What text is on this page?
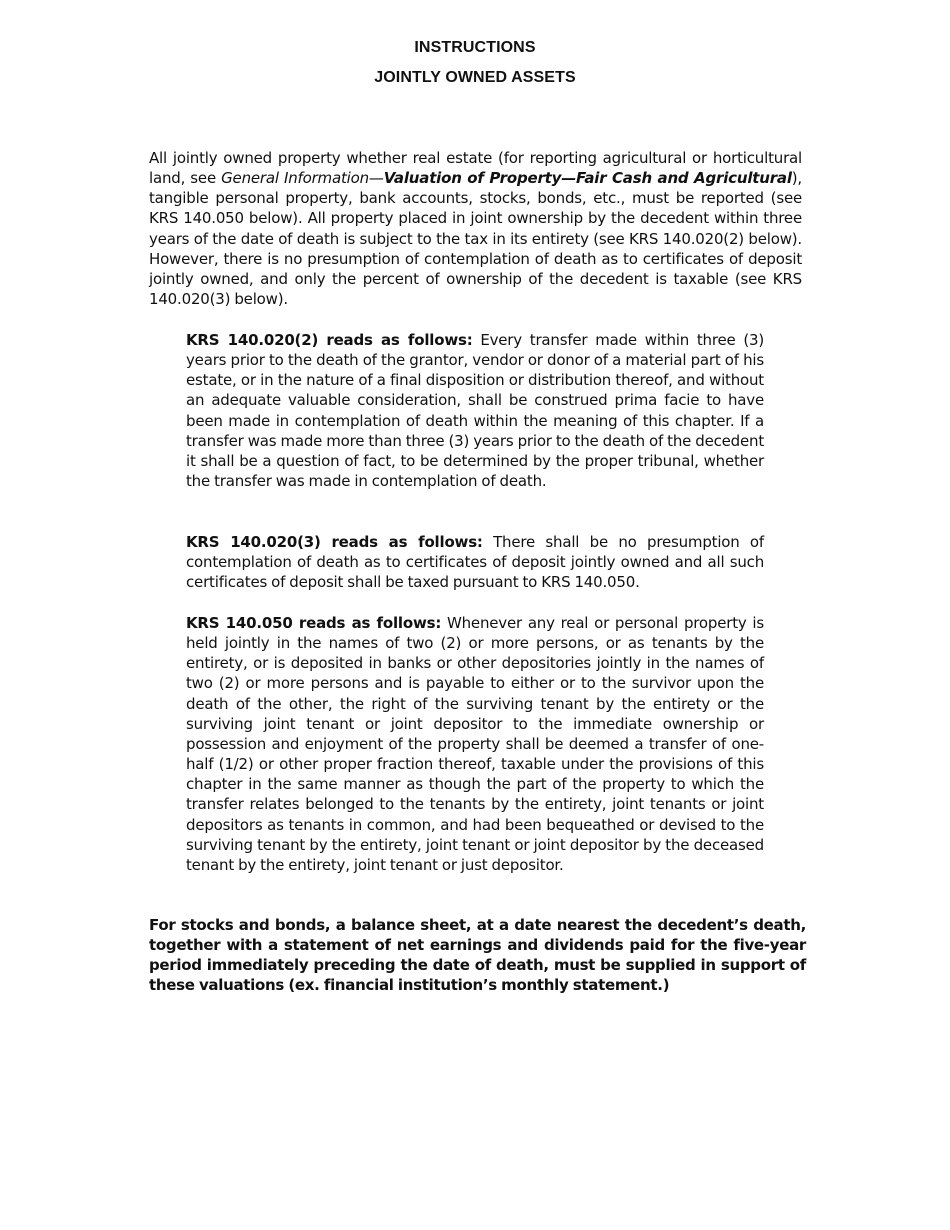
INSTRUCTIONS
JOINTLY OWNED ASSETS

All jointly owned property whether real estate (for reporting agricultural or horticultural land, see General Information—Valuation of Property—Fair Cash and Agricultural), tangible personal property, bank accounts, stocks, bonds, etc., must be reported (see KRS 140.050 below). All property placed in joint ownership by the decedent within three years of the date of death is subject to the tax in its entirety (see KRS 140.020(2) below). However, there is no presumption of contemplation of death as to certificates of deposit jointly owned, and only the percent of ownership of the decedent is taxable (see KRS 140.020(3) below).

KRS 140.020(2) reads as follows: Every transfer made within three (3) years prior to the death of the grantor, vendor or donor of a material part of his estate, or in the nature of a final disposition or distribution thereof, and without an adequate valuable consideration, shall be construed prima facie to have been made in contemplation of death within the meaning of this chapter. If a transfer was made more than three (3) years prior to the death of the decedent it shall be a question of fact, to be determined by the proper tribunal, whether the transfer was made in contemplation of death.

KRS 140.020(3) reads as follows: There shall be no presumption of contemplation of death as to certificates of deposit jointly owned and all such certificates of deposit shall be taxed pursuant to KRS 140.050.

KRS 140.050 reads as follows: Whenever any real or personal property is held jointly in the names of two (2) or more persons, or as tenants by the entirety, or is deposited in banks or other depositories jointly in the names of two (2) or more persons and is payable to either or to the survivor upon the death of the other, the right of the surviving tenant by the entirety or the surviving joint tenant or joint depositor to the immediate ownership or possession and enjoyment of the property shall be deemed a transfer of one-half (1/2) or other proper fraction thereof, taxable under the provisions of this chapter in the same manner as though the part of the property to which the transfer relates belonged to the tenants by the entirety, joint tenants or joint depositors as tenants in common, and had been bequeathed or devised to the surviving tenant by the entirety, joint tenant or joint depositor by the deceased tenant by the entirety, joint tenant or just depositor.

For stocks and bonds, a balance sheet, at a date nearest the decedent’s death, together with a statement of net earnings and dividends paid for the five-year period immediately preceding the date of death, must be supplied in support of these valuations (ex. financial institution’s monthly statement.)
